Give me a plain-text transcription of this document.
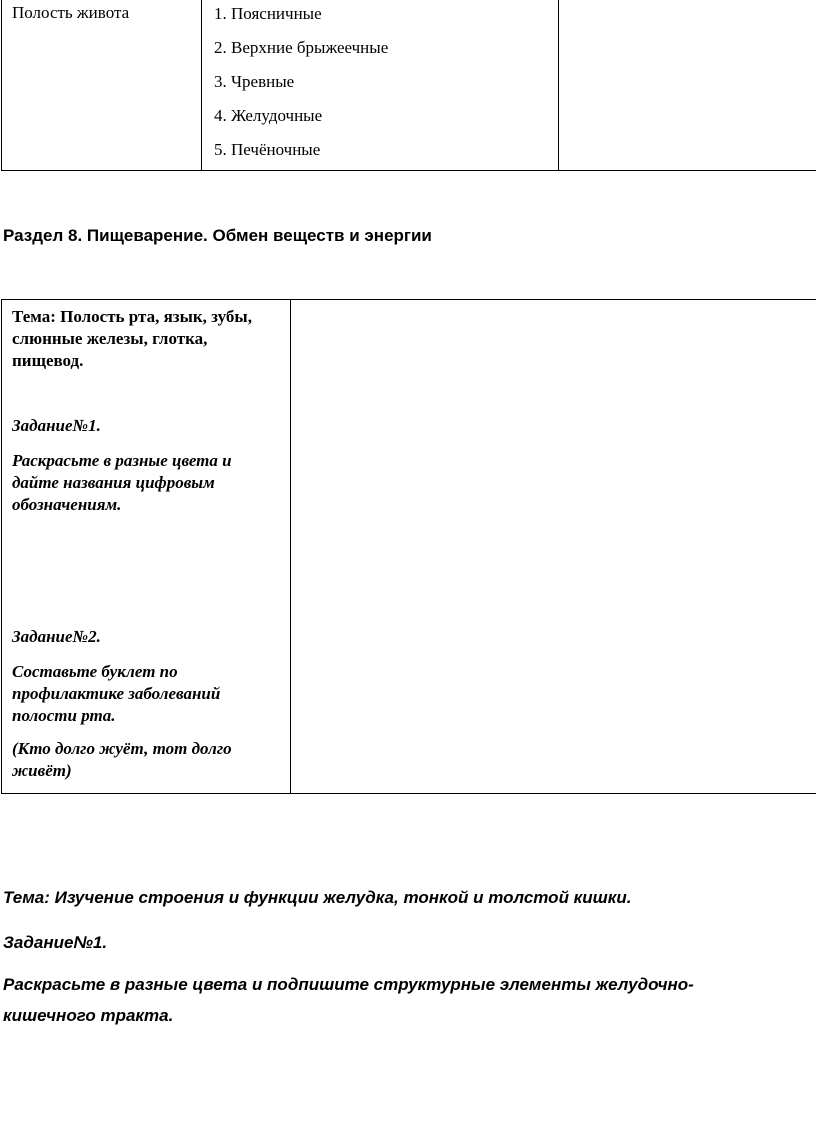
Полость живота	1. Поясничные
2. Верхние брыжеечные
3. Чревные
4. Желудочные
5. Печёночные
Раздел 8. Пищеварение. Обмен веществ и энергии
Тема: Полость рта, язык, зубы,
слюнные железы, глотка,
пищевод.
Задание№1.
Раскрасьте в разные цвета и
дайте названия цифровым
обозначениям.
Задание№2.
Составьте буклет по
профилактике заболеваний
полости рта.
(Кто долго жуёт, тот долго
живёт)
Тема: Изучение строения и функции желудка, тонкой и толстой кишки.
Задание№1.
Раскрасьте в разные цвета и подпишите структурные элементы желудочно-
кишечного тракта.
